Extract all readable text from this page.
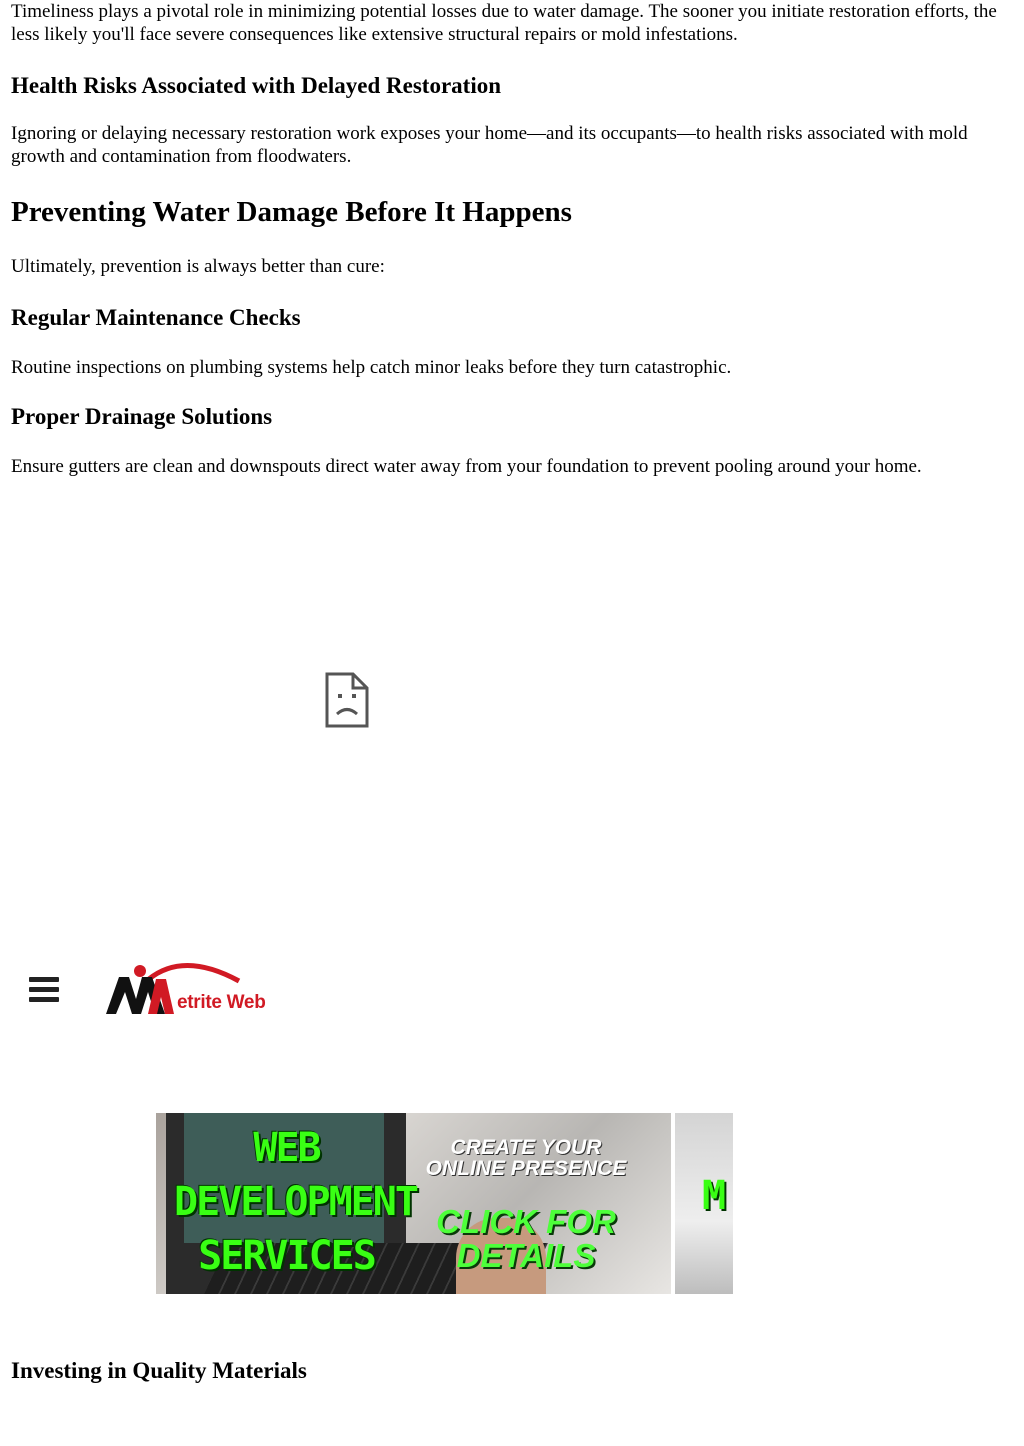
Timeliness plays a pivotal role in minimizing potential losses due to water damage. The sooner you initiate restoration efforts, the less likely you'll face severe consequences like extensive structural repairs or mold infestations.

Health Risks Associated with Delayed Restoration

Ignoring or delaying necessary restoration work exposes your home—and its occupants—to health risks associated with mold growth and contamination from floodwaters.

Preventing Water Damage Before It Happens

Ultimately, prevention is always better than cure:

Regular Maintenance Checks

Routine inspections on plumbing systems help catch minor leaks before they turn catastrophic.

Proper Drainage Solutions

Ensure gutters are clean and downspouts direct water away from your foundation to prevent pooling around your home.

Investing in Quality Materials
etrite Web
WEB DEVELOPMENT SERVICES
CREATE YOUR ONLINE PRESENCE
CLICK FOR DETAILS
M
